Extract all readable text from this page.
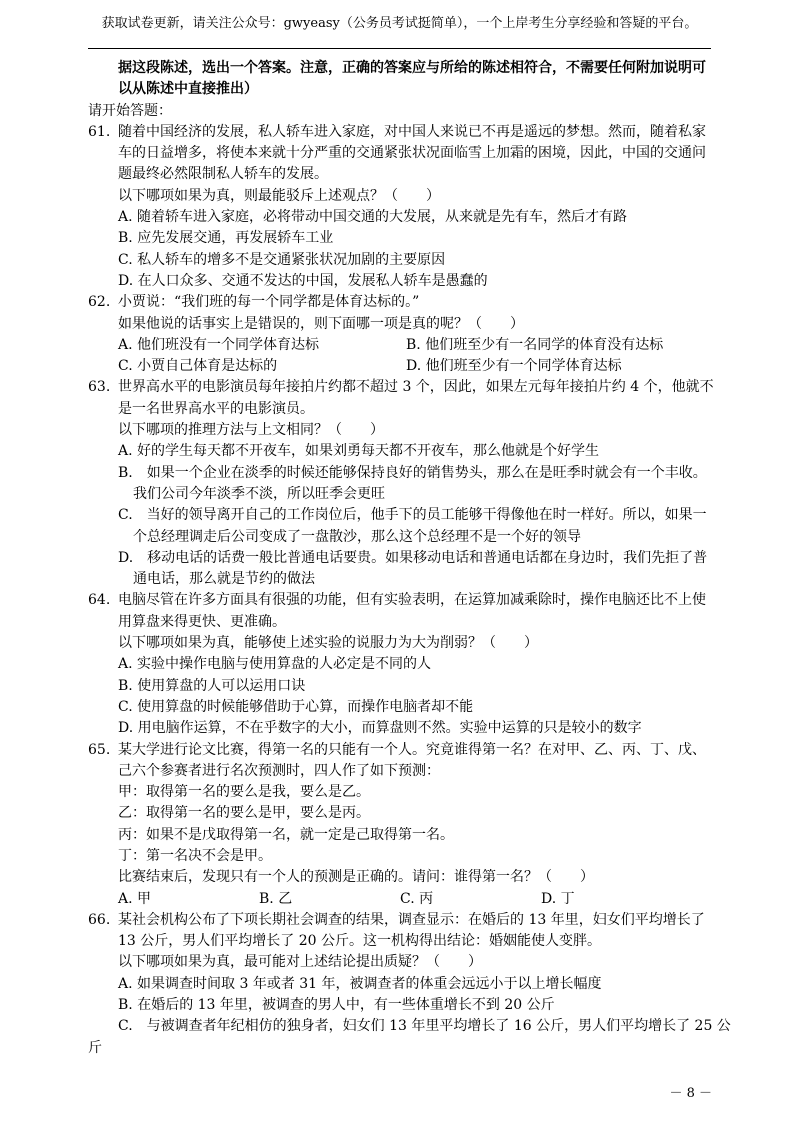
获取试卷更新，请关注公众号：gwyeasy（公务员考试挺简单），一个上岸考生分享经验和答疑的平台。
据这段陈述，选出一个答案。注意，正确的答案应与所给的陈述相符合，不需要任何附加说明可
以从陈述中直接推出）
请开始答题：
61. 随着中国经济的发展，私人轿车进入家庭，对中国人来说已不再是遥远的梦想。然而，随着私家
车的日益增多，将使本来就十分严重的交通紧张状况面临雪上加霜的困境，因此，中国的交通问
题最终必然限制私人轿车的发展。
以下哪项如果为真，则最能驳斥上述观点？（　　）
A. 随着轿车进入家庭，必将带动中国交通的大发展，从来就是先有车，然后才有路
B. 应先发展交通，再发展轿车工业
C. 私人轿车的增多不是交通紧张状况加剧的主要原因
D. 在人口众多、交通不发达的中国，发展私人轿车是愚蠢的
62. 小贾说：“我们班的每一个同学都是体育达标的。”
如果他说的话事实上是错误的，则下面哪一项是真的呢？（　　）
A. 他们班没有一个同学体育达标	B. 他们班至少有一名同学的体育没有达标
C. 小贾自己体育是达标的	D. 他们班至少有一个同学体育达标
63. 世界高水平的电影演员每年接拍片约都不超过 3 个，因此，如果左元每年接拍片约 4 个，他就不
是一名世界高水平的电影演员。
以下哪项的推理方法与上文相同？（　　）
A. 好的学生每天都不开夜车，如果刘勇每天都不开夜车，那么他就是个好学生
B.　如果一个企业在淡季的时候还能够保持良好的销售势头，那么在是旺季时就会有一个丰收。
我们公司今年淡季不淡，所以旺季会更旺
C.　当好的领导离开自己的工作岗位后，他手下的员工能够干得像他在时一样好。所以，如果一
个总经理调走后公司变成了一盘散沙，那么这个总经理不是一个好的领导
D.　移动电话的话费一般比普通电话要贵。如果移动电话和普通电话都在身边时，我们先拒了普
通电话，那么就是节约的做法
64. 电脑尽管在许多方面具有很强的功能，但有实验表明，在运算加减乘除时，操作电脑还比不上使
用算盘来得更快、更准确。
以下哪项如果为真，能够使上述实验的说服力为大为削弱？（　　）
A. 实验中操作电脑与使用算盘的人必定是不同的人
B. 使用算盘的人可以运用口诀
C. 使用算盘的时候能够借助于心算，而操作电脑者却不能
D. 用电脑作运算，不在乎数字的大小，而算盘则不然。实验中运算的只是较小的数字
65. 某大学进行论文比赛，得第一名的只能有一个人。究竟谁得第一名？在对甲、乙、丙、丁、戊、
己六个参赛者进行名次预测时，四人作了如下预测：
甲：取得第一名的要么是我，要么是乙。
乙：取得第一名的要么是甲，要么是丙。
丙：如果不是戊取得第一名，就一定是己取得第一名。
丁：第一名决不会是甲。
比赛结束后，发现只有一个人的预测是正确的。请问：谁得第一名？（　　）
A. 甲	B. 乙	C. 丙	D. 丁
66. 某社会机构公布了下项长期社会调查的结果，调查显示：在婚后的 13 年里，妇女们平均增长了
13 公斤，男人们平均增长了 20 公斤。这一机构得出结论：婚姻能使人变胖。
以下哪项如果为真，最可能对上述结论提出质疑？（　　）
A. 如果调查时间取 3 年或者 31 年，被调查者的体重会远远小于以上增长幅度
B. 在婚后的 13 年里，被调查的男人中，有一些体重增长不到 20 公斤
C.　与被调查者年纪相仿的独身者，妇女们 13 年里平均增长了 16 公斤，男人们平均增长了 25 公
斤
－ 8 －
